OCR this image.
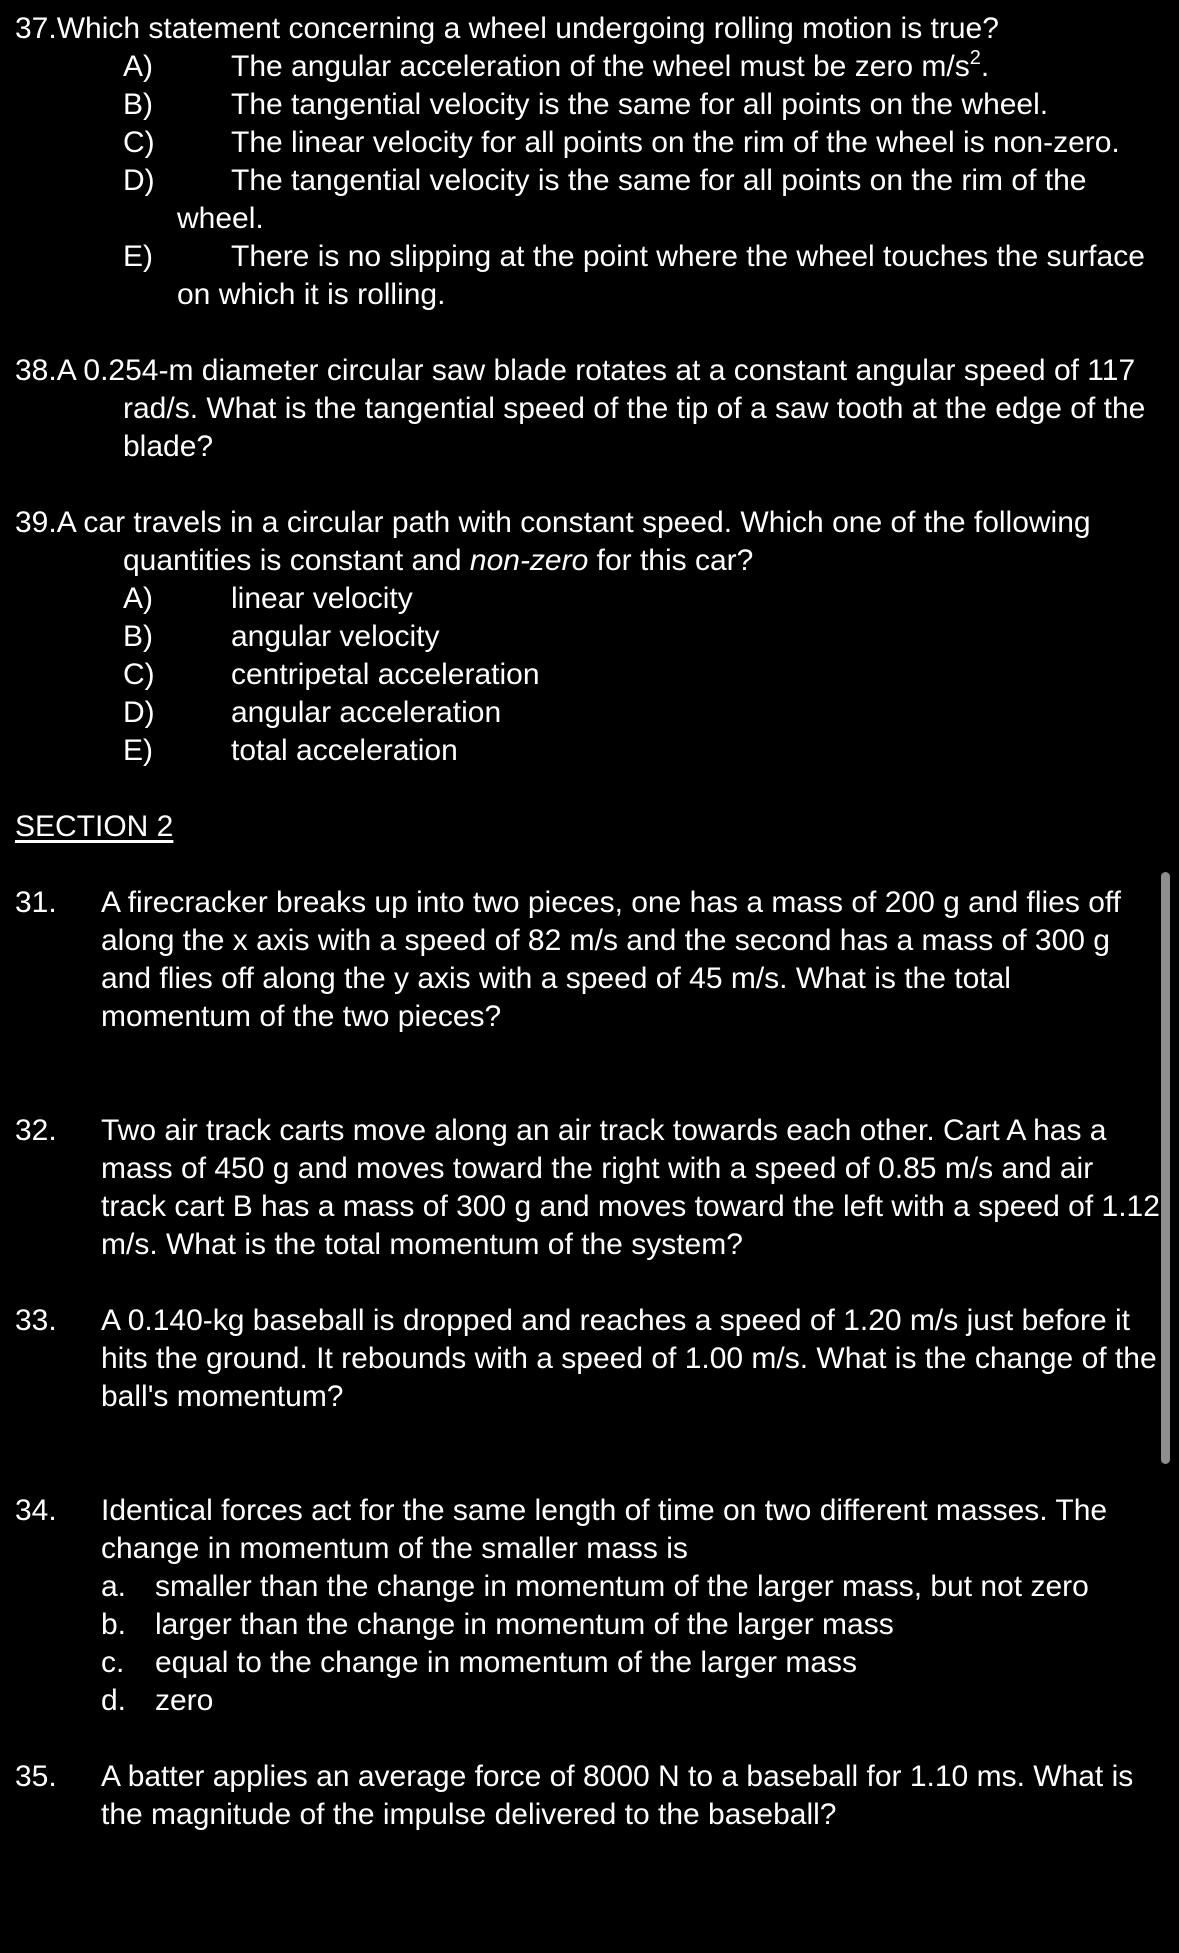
37.Which statement concerning a wheel undergoing rolling motion is true?

A)	The angular acceleration of the wheel must be zero $m/s^2$.
B)	The tangential velocity is the same for all points on the wheel.
C)	The linear velocity for all points on the rim of the wheel is non-zero.
D)	The tangential velocity is the same for all points on the rim of the wheel.
E)	There is no slipping at the point where the wheel touches the surface on which it is rolling.

38.A 0.254-m diameter circular saw blade rotates at a constant angular speed of 117 rad/s. What is the tangential speed of the tip of a saw tooth at the edge of the blade?

39.A car travels in a circular path with constant speed. Which one of the following quantities is constant and non-zero for this car?

A)	linear velocity
B)	angular velocity
C)	centripetal acceleration
D)	angular acceleration
E)	total acceleration

SECTION 2

31. A firecracker breaks up into two pieces, one has a mass of 200 g and flies off along the x axis with a speed of 82 m/s and the second has a mass of 300 g and flies off along the y axis with a speed of 45 m/s. What is the total momentum of the two pieces?
32. Two air track carts move along an air track towards each other. Cart A has a mass of 450 g and moves toward the right with a speed of 0.85 m/s and air track cart B has a mass of 300 g and moves toward the left with a speed of 1.12 m/s. What is the total momentum of the system?
33. A 0.140-kg baseball is dropped and reaches a speed of 1.20 m/s just before it hits the ground. It rebounds with a speed of 1.00 m/s. What is the change of the ball's momentum?
34. Identical forces act for the same length of time on two different masses. The change in momentum of the smaller mass is
a. smaller than the change in momentum of the larger mass, but not zero
b. larger than the change in momentum of the larger mass
c. equal to the change in momentum of the larger mass
d. zero
35. A batter applies an average force of 8000 N to a baseball for 1.10 ms. What is the magnitude of the impulse delivered to the baseball?
